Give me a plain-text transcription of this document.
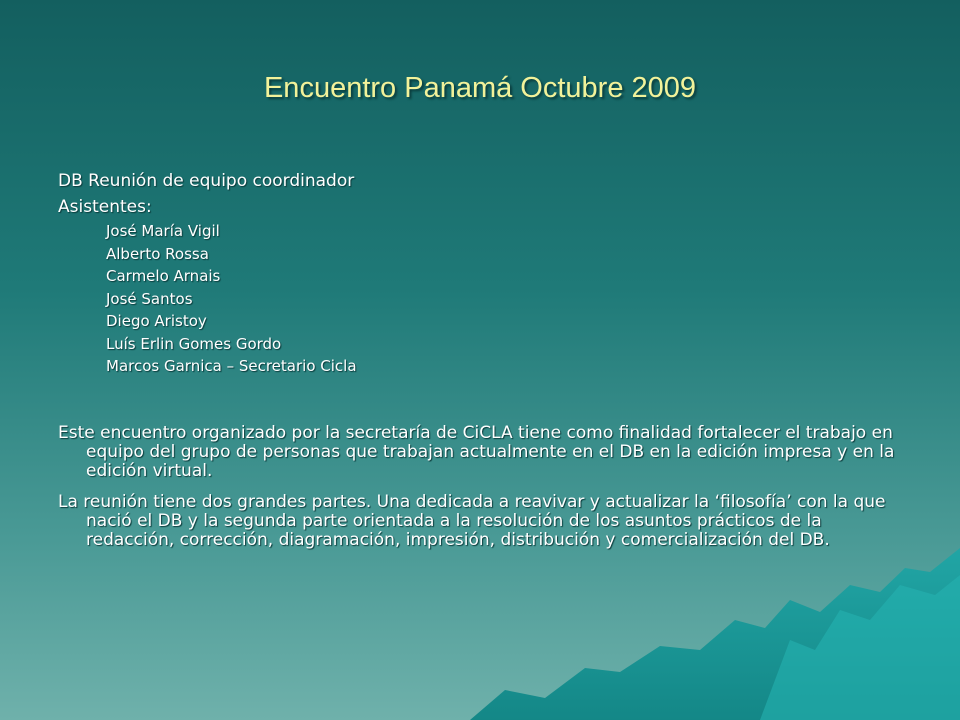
Encuentro Panamá Octubre 2009

DB Reunión de equipo coordinador

Asistentes:

José María Vigil
Alberto Rossa
Carmelo Arnais
José Santos
Diego Aristoy
Luís Erlin Gomes Gordo
Marcos Garnica – Secretario Cicla

Este encuentro organizado por la secretaría de CiCLA tiene como finalidad fortalecer el trabajo en equipo del grupo de personas que trabajan actualmente en el DB en la edición impresa y en la edición virtual.

La reunión tiene dos grandes partes. Una dedicada a reavivar y actualizar la ‘filosofía’ con la que nació el DB y la segunda parte orientada a la resolución de los asuntos prácticos de la redacción, corrección, diagramación, impresión, distribución y comercialización del DB.
